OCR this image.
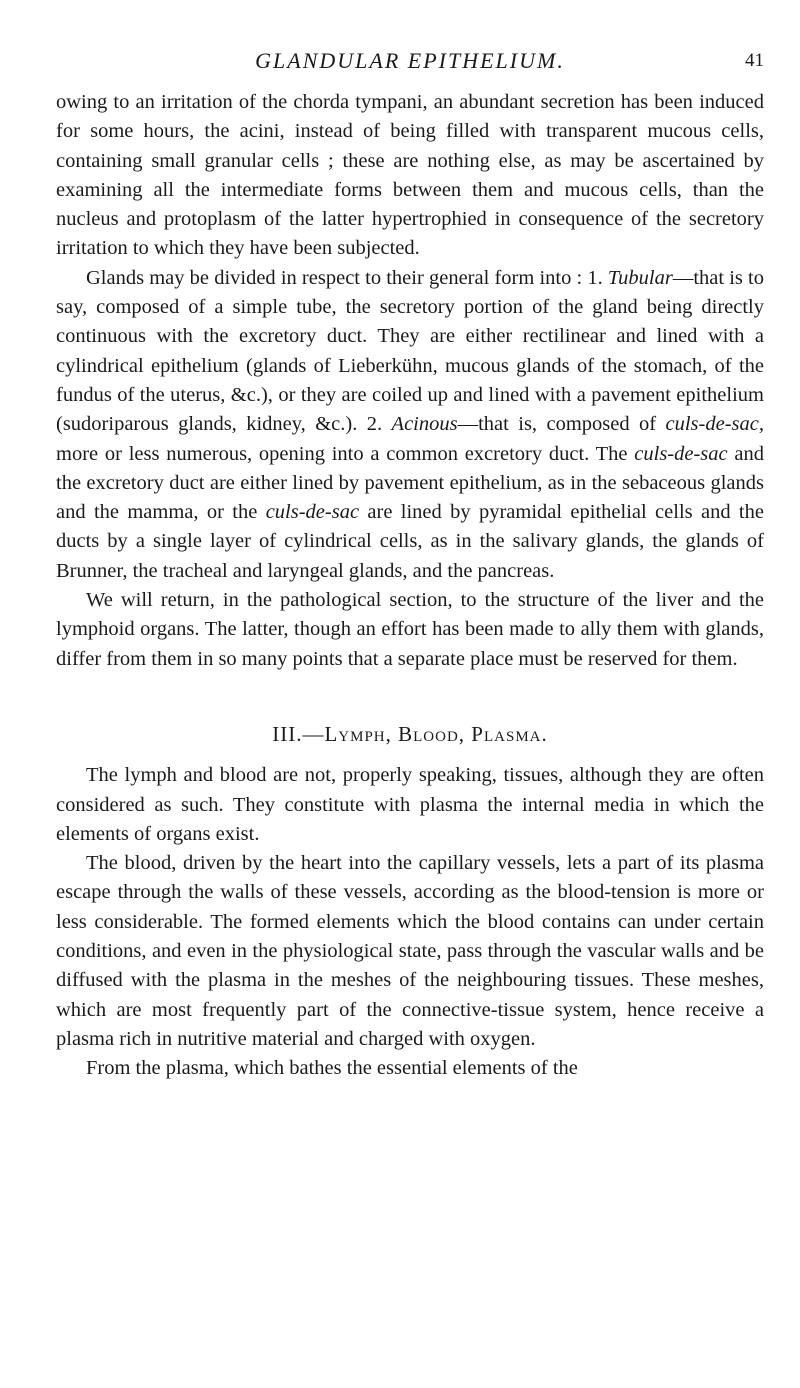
GLANDULAR EPITHELIUM.	41

owing to an irritation of the chorda tympani, an abundant secretion has been induced for some hours, the acini, instead of being filled with transparent mucous cells, containing small granular cells ; these are nothing else, as may be ascertained by examining all the intermediate forms between them and mucous cells, than the nucleus and protoplasm of the latter hypertrophied in consequence of the secretory irritation to which they have been subjected.

Glands may be divided in respect to their general form into : 1. Tubular—that is to say, composed of a simple tube, the secretory portion of the gland being directly continuous with the excretory duct. They are either rectilinear and lined with a cylindrical epithelium (glands of Lieberkühn, mucous glands of the stomach, of the fundus of the uterus, &c.), or they are coiled up and lined with a pavement epithelium (sudoriparous glands, kidney, &c.). 2. Acinous—that is, composed of culs-de-sac, more or less numerous, opening into a common excretory duct. The culs-de-sac and the excretory duct are either lined by pavement epithelium, as in the sebaceous glands and the mamma, or the culs-de-sac are lined by pyramidal epithelial cells and the ducts by a single layer of cylindrical cells, as in the salivary glands, the glands of Brunner, the tracheal and laryngeal glands, and the pancreas.

We will return, in the pathological section, to the structure of the liver and the lymphoid organs. The latter, though an effort has been made to ally them with glands, differ from them in so many points that a separate place must be reserved for them.

III.—Lymph, Blood, Plasma.

The lymph and blood are not, properly speaking, tissues, although they are often considered as such. They constitute with plasma the internal media in which the elements of organs exist.

The blood, driven by the heart into the capillary vessels, lets a part of its plasma escape through the walls of these vessels, according as the blood-tension is more or less considerable. The formed elements which the blood contains can under certain conditions, and even in the physiological state, pass through the vascular walls and be diffused with the plasma in the meshes of the neighbouring tissues. These meshes, which are most frequently part of the connective-tissue system, hence receive a plasma rich in nutritive material and charged with oxygen.

From the plasma, which bathes the essential elements of the
